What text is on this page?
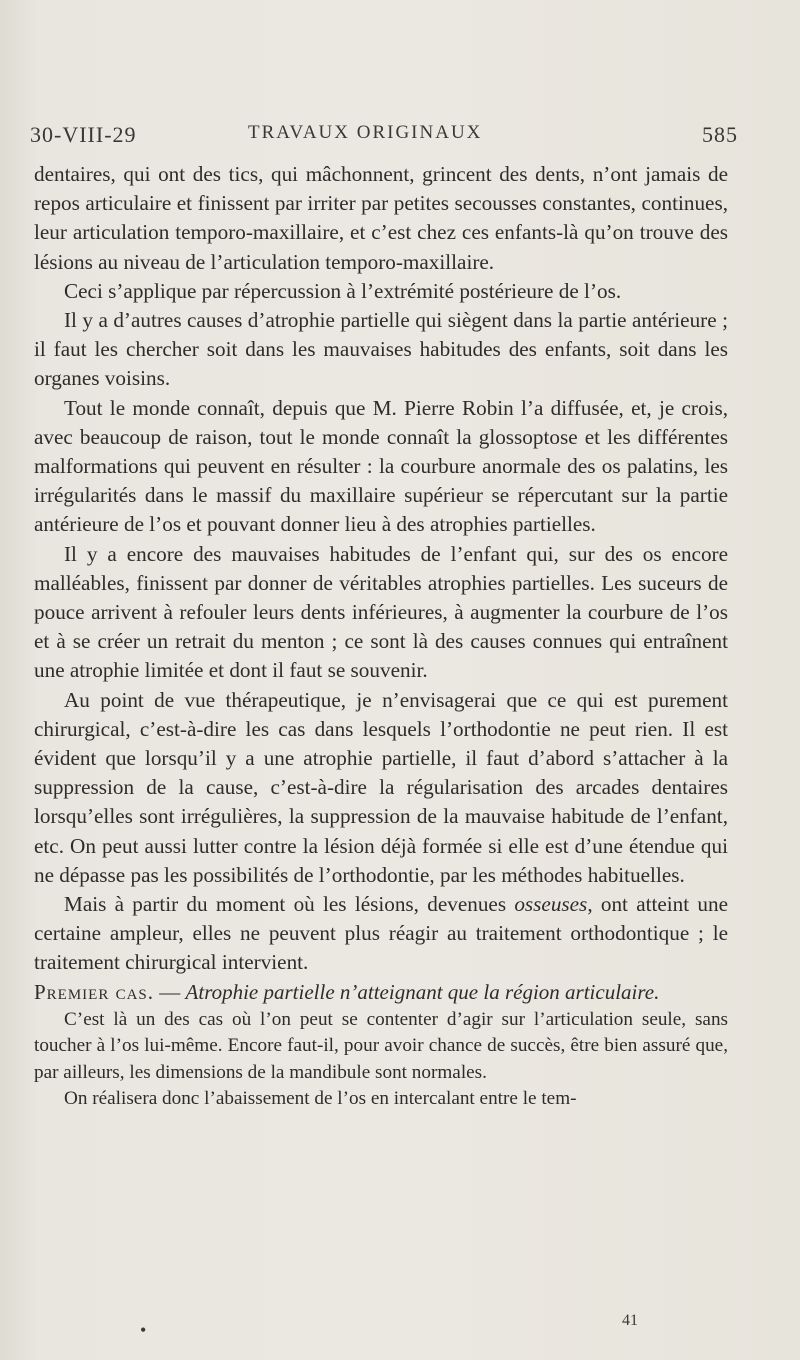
30-VIII-29	TRAVAUX ORIGINAUX	585

dentaires, qui ont des tics, qui mâchonnent, grincent des dents, n’ont jamais de repos articulaire et finissent par irriter par petites secousses constantes, continues, leur articulation temporo-maxillaire, et c’est chez ces enfants-là qu’on trouve des lésions au niveau de l’articulation temporo-maxillaire.

Ceci s’applique par répercussion à l’extrémité postérieure de l’os.

Il y a d’autres causes d’atrophie partielle qui siègent dans la partie antérieure ; il faut les chercher soit dans les mauvaises habitudes des enfants, soit dans les organes voisins.

Tout le monde connaît, depuis que M. Pierre Robin l’a diffusée, et, je crois, avec beaucoup de raison, tout le monde connaît la glossoptose et les différentes malformations qui peuvent en résulter : la courbure anormale des os palatins, les irrégularités dans le massif du maxillaire supérieur se répercutant sur la partie antérieure de l’os et pouvant donner lieu à des atrophies partielles.

Il y a encore des mauvaises habitudes de l’enfant qui, sur des os encore malléables, finissent par donner de véritables atrophies partielles. Les suceurs de pouce arrivent à refouler leurs dents inférieures, à augmenter la courbure de l’os et à se créer un retrait du menton ; ce sont là des causes connues qui entraînent une atrophie limitée et dont il faut se souvenir.

Au point de vue thérapeutique, je n’envisagerai que ce qui est purement chirurgical, c’est-à-dire les cas dans lesquels l’orthodontie ne peut rien. Il est évident que lorsqu’il y a une atrophie partielle, il faut d’abord s’attacher à la suppression de la cause, c’est-à-dire la régularisation des arcades dentaires lorsqu’elles sont irrégulières, la suppression de la mauvaise habitude de l’enfant, etc. On peut aussi lutter contre la lésion déjà formée si elle est d’une étendue qui ne dépasse pas les possibilités de l’orthodontie, par les méthodes habituelles.

Mais à partir du moment où les lésions, devenues osseuses, ont atteint une certaine ampleur, elles ne peuvent plus réagir au traitement orthodontique ; le traitement chirurgical intervient.

Premier cas. — Atrophie partielle n’atteignant que la région articulaire.

C’est là un des cas où l’on peut se contenter d’agir sur l’articulation seule, sans toucher à l’os lui-même. Encore faut-il, pour avoir chance de succès, être bien assuré que, par ailleurs, les dimensions de la mandibule sont normales.

On réalisera donc l’abaissement de l’os en intercalant entre le tem-

•	41
